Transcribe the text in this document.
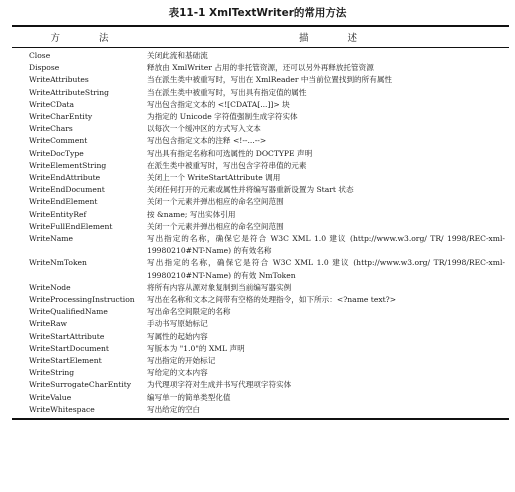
表11-1 XmlTextWriter的常用方法
方 法	描 述
Close	关闭此流和基础流
Dispose	释放由 XmlWriter 占用的非托管资源，还可以另外再释放托管资源
WriteAttributes	当在派生类中被重写时，写出在 XmlReader 中当前位置找到的所有属性
WriteAttributeString	当在派生类中被重写时，写出具有指定值的属性
WriteCData	写出包含指定文本的 <![CDATA[...]]> 块
WriteCharEntity	为指定的 Unicode 字符值强制生成字符实体
WriteChars	以每次一个缓冲区的方式写入文本
WriteComment	写出包含指定文本的注释 <!--...-->
WriteDocType	写出具有指定名称和可选属性的 DOCTYPE 声明
WriteElementString	在派生类中被重写时，写出包含字符串值的元素
WriteEndAttribute	关闭上一个 WriteStartAttribute 调用
WriteEndDocument	关闭任何打开的元素或属性并将编写器重新设置为 Start 状态
WriteEndElement	关闭一个元素并弹出相应的命名空间范围
WriteEntityRef	按 &name; 写出实体引用
WriteFullEndElement	关闭一个元素并弹出相应的命名空间范围
WriteName	写出指定的名称，确保它是符合 W3C XML 1.0 建议 (http://www.w3.org/ TR/ 1998/REC-xml-19980210#NT-Name) 的有效名称
WriteNmToken	写出指定的名称，确保它是符合 W3C XML 1.0 建议 (http://www.w3.org/ TR/1998/REC-xml-19980210#NT-Name) 的有效 NmToken
WriteNode	将所有内容从源对象复制到当前编写器实例
WriteProcessingInstruction	写出在名称和文本之间带有空格的处理指令，如下所示：<?name text?>
WriteQualifiedName	写出命名空间限定的名称
WriteRaw	手动书写原始标记
WriteStartAttribute	写属性的起始内容
WriteStartDocument	写版本为 "1.0"的 XML 声明
WriteStartElement	写出指定的开始标记
WriteString	写给定的文本内容
WriteSurrogateCharEntity	为代理项字符对生成并书写代理项字符实体
WriteValue	编写单一的简单类型化值
WriteWhitespace	写出给定的空白
